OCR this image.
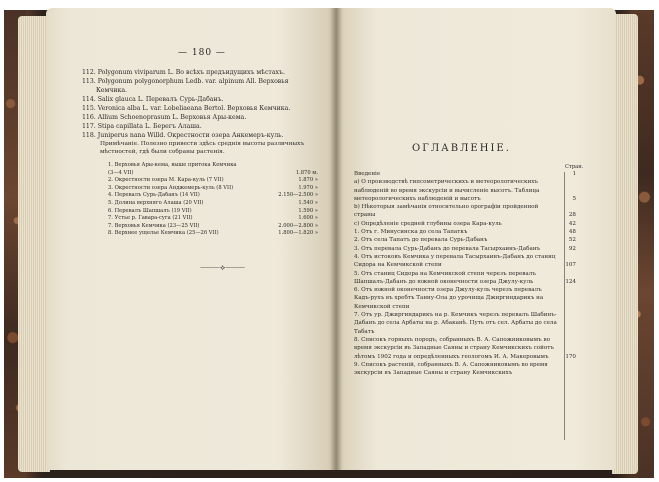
— 180 —
112. Polygonum viviparum L. Во всѣхъ предъидущихъ мѣстахъ.
113. Polygonum polygonorphum Ledb. var. alpinum All. Верховья
Кемчика.
114. Salix glauca L. Перевалъ Сурь-Дабанъ.
115. Veronica alba L. var. Lobeliaeana Bertol. Верховья Кемчика.
116. Allium Schoenoprasum L. Верховья Ары-кема.
117. Stipa capillata L. Берегъ Алаша.
118. Juniperus nana Willd. Окрестности озера Анкемеръ-куль.
Примѣчаніе. Полезно привести здѣсь среднія высоты различныхъ мѣстностей, гдѣ были собраны растенія.
1. Верховья Ары-кема, выше притока Кемчика
(3—4 VII)	1.870 м.
2. Окрестности озера М. Кара-куль (7 VII)	1.870 »
3. Окрестности озера Анджемерь-куль (8 VII)	1.970 »
4. Перевалъ Сурь-Дабанъ (14 VII)	2.150—2.500 »
5. Долина верхняго Алаша (20 VII)	1.540 »
6. Перевалъ Шапшалъ (19 VII)	1.590 »
7. Устье р. Гавара-суга (21 VII)	1.600 »
7. Верховья Кемчика (23—25 VII)	2.000—2.800 »
8. Верхнее ущелье Кемчика (25—26 VII)	1.800—1.820 »
⸻⟡⸻
ОГЛАВЛЕНІЕ.
Стран.
Введеніе	1
а) О производствѣ гипсометрическихъ и метеорологическихъ наблюденій во время экскурсіи и вычисленіе высотъ. Таблица метеорологическихъ наблюденій и высотъ	5
b) Нѣкоторыя замѣчанія относительно орографіи пройденной страны	28
c) Опредѣленіе средней глубины озера Кара-куль	42
1. Отъ г. Минусинска до села Тапаткъ	48
2. Отъ села Тапатъ до перевала Сурь-Дабанъ	52
3. Отъ перевала Сурь-Дабанъ до перевала Тасырхаинъ-Дабанъ	92
4. Отъ истоковъ Кемчика у перевала Тасырхаинъ-Дабанъ до станиц Сидора на Кемчикской степи	107
5. Отъ станиц Сидора на Кемчикской степи черезъ перевалъ Шапшалъ-Дабанъ до южной оконечности озера Джулу-куль	124
6. Отъ южной оконечности озера Джулу-куль черезъ перевалъ Кадъ-рухъ въ хребтъ Танну-Ола до урочища Джиргиндарикъ на Кемчикской степи
7. Отъ ур. Джиргиндарикъ на р. Кемчикъ черезъ перевалъ Шабинъ-Дабанъ до села Арбаты на р. Абаканѣ. Путь отъ сел. Арбаты до села Табатъ
8. Списокъ горныхъ породъ, собранныхъ В. А. Сапожниковымъ во время экскурсіи въ Западные Саяны и страну Кемчикскихъ сойотъ лѣтомъ 1902 года и опредѣленныхъ геологомъ И. А. Макеровымъ	170
9. Списокъ растеній, собранныхъ В. А. Сапожниковымъ во время экскурсіи въ Западные Саяны и страну Кемчикскихъ
